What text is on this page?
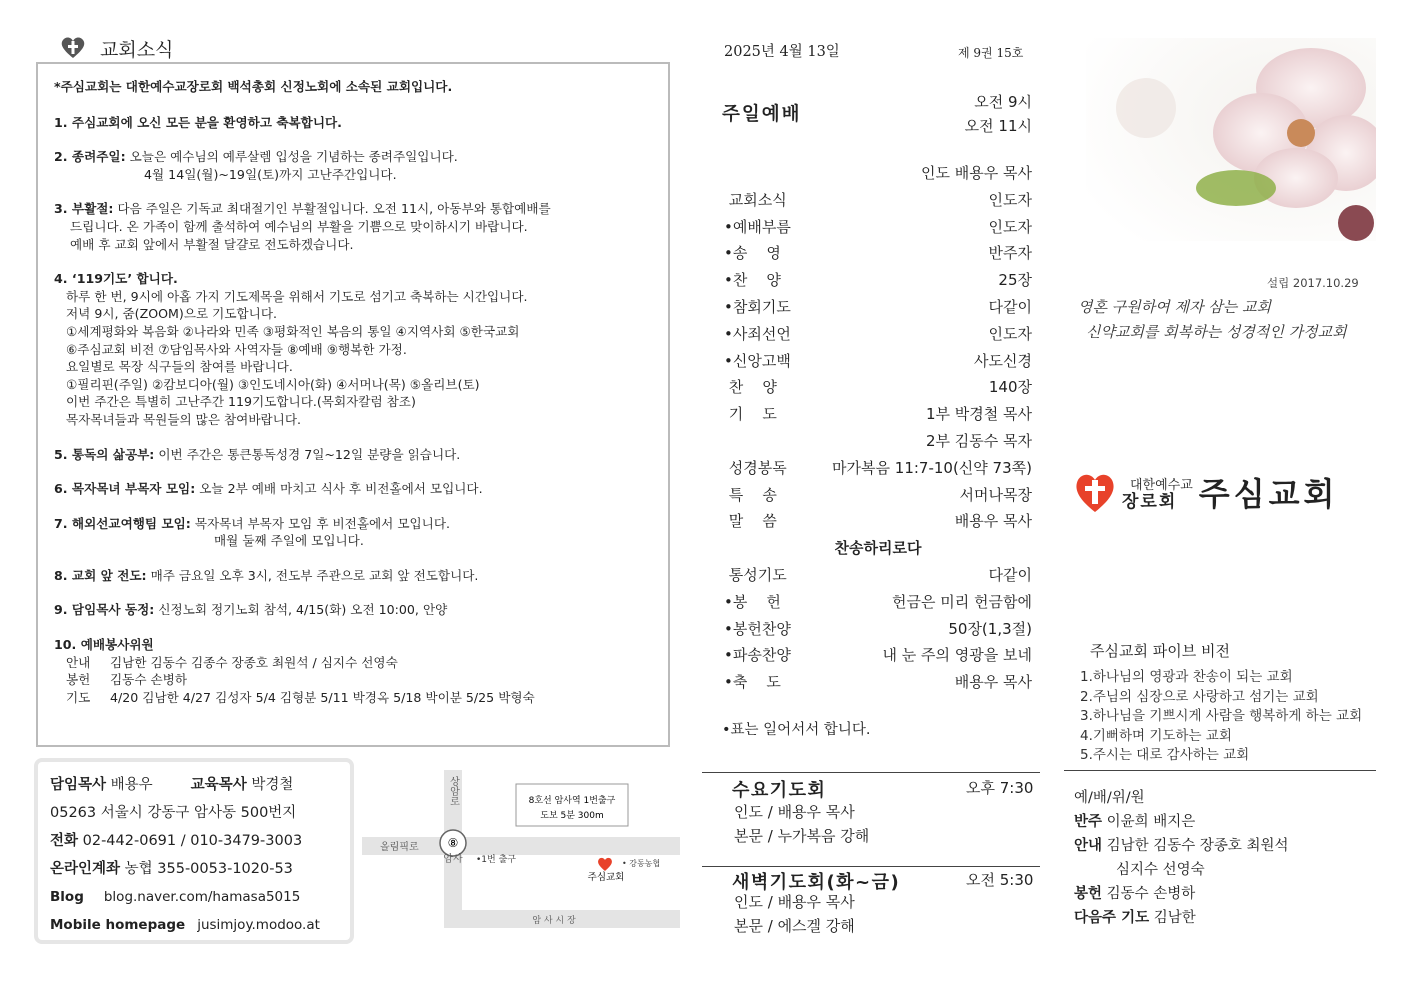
교회소식
*주심교회는 대한예수교장로회 백석총회 신정노회에 소속된 교회입니다.
1. 주심교회에 오신 모든 분을 환영하고 축복합니다.
2. 종려주일: 오늘은 예수님의 예루살렘 입성을 기념하는 종려주일입니다.
4월 14일(월)~19일(토)까지 고난주간입니다.
3. 부활절: 다음 주일은 기독교 최대절기인 부활절입니다. 오전 11시, 아동부와 통합예배를
드립니다. 온 가족이 함께 출석하여 예수님의 부활을 기쁨으로 맞이하시기 바랍니다.
예배 후 교회 앞에서 부활절 달걀로 전도하겠습니다.
4. ‘119기도’ 합니다.
하루 한 번, 9시에 아홉 가지 기도제목을 위해서 기도로 섬기고 축복하는 시간입니다.
저녁 9시, 줌(ZOOM)으로 기도합니다.
①세계평화와 복음화 ②나라와 민족 ③평화적인 복음의 통일 ④지역사회 ⑤한국교회
⑥주심교회 비전 ⑦담임목사와 사역자들 ⑧예배 ⑨행복한 가정.
요일별로 목장 식구들의 참여를 바랍니다.
①필리핀(주일) ②캄보디아(월) ③인도네시아(화) ④서머나(목) ⑤올리브(토)
이번 주간은 특별히 고난주간 119기도합니다.(목회자칼럼 참조)
목자목녀들과 목원들의 많은 참여바랍니다.
5. 통독의 삶공부: 이번 주간은 통큰통독성경 7일~12일 분량을 읽습니다.
6. 목자목녀 부목자 모임: 오늘 2부 예배 마치고 식사 후 비전홀에서 모입니다.
7. 해외선교여행팀 모임: 목자목녀 부목자 모임 후 비전홀에서 모입니다.
매월 둘째 주일에 모입니다.
8. 교회 앞 전도: 매주 금요일 오후 3시, 전도부 주관으로 교회 앞 전도합니다.
9. 담임목사 동정: 신정노회 정기노회 참석, 4/15(화) 오전 10:00, 안양
10. 예배봉사위원
안내	김남한 김동수 김종수 장종호 최원석 / 심지수 선영숙
봉헌	김동수 손병하
기도	4/20 김남한 4/27 김성자 5/4 김형분 5/11 박경옥 5/18 박이분 5/25 박형숙
담임목사 배용우	교육목사 박경철
05263 서울시 강동구 암사동 500번지
전화 02-442-0691 / 010-3479-3003
온라인계좌 농협 355-0053-1020-53
Blog blog.naver.com/hamasa5015
Mobile homepage jusimjoy.modoo.at
상암로
올림픽로 ⑧
암사 •1번 출구
8호선 암사역 1번출구
도보 5분 300m
주심교회
• 강동농협
암 사 시 장
2025년 4월 13일	제 9권 15호
주일예배
오전 9시
오전 11시
인도 배용우 목사
교회소식	인도자
•예배부름	인도자
•송    영	반주자
•찬    양	25장
•참회기도	다같이
•사죄선언	인도자
•신앙고백	사도신경
찬    양	140장
기    도	1부 박경철 목사
2부 김동수 목자
성경봉독	마가복음 11:7-10(신약 73쪽)
특    송	서머나목장
말    씀	배용우 목사
찬송하리로다
통성기도	다같이
•봉    헌	헌금은 미리 헌금함에
•봉헌찬양	50장(1,3절)
•파송찬양	내 눈 주의 영광을 보네
•축    도	배용우 목사
•표는 일어서서 합니다.
수요기도회	오후 7:30
인도 / 배용우 목사
본문 / 누가복음 강해
새벽기도회(화~금)	오전 5:30
인도 / 배용우 목사
본문 / 에스겔 강해
설립 2017.10.29
영혼 구원하여 제자 삼는 교회
신약교회를 회복하는 성경적인 가정교회
대한예수교
장로회 주심교회
주심교회 파이브 비전
1.하나님의 영광과 찬송이 되는 교회
2.주님의 심장으로 사랑하고 섬기는 교회
3.하나님을 기쁘시게 사람을 행복하게 하는 교회
4.기뻐하며 기도하는 교회
5.주시는 대로 감사하는 교회
예/배/위/원
반주 이윤희 배지은
안내 김남한 김동수 장종호 최원석
심지수 선영숙
봉헌 김동수 손병하
다음주 기도 김남한
